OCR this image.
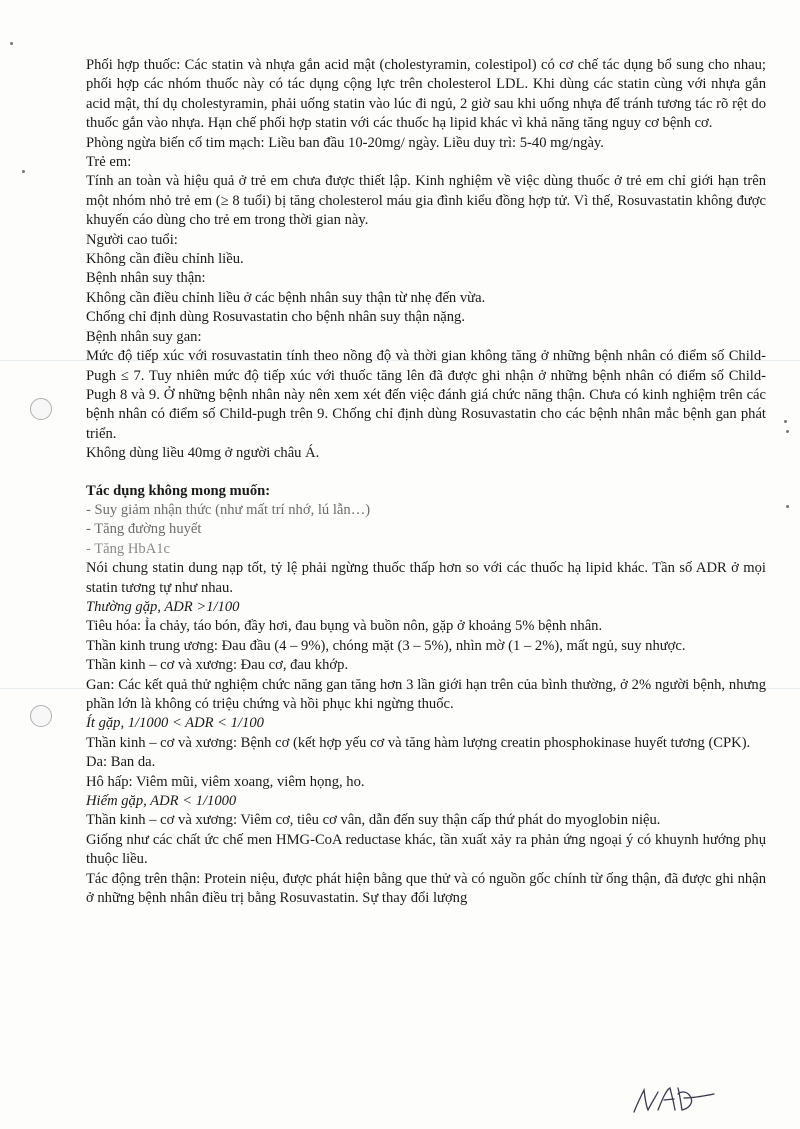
Phối hợp thuốc: Các statin và nhựa gắn acid mật (cholestyramin, colestipol) có cơ chế tác dụng bổ sung cho nhau; phối hợp các nhóm thuốc này có tác dụng cộng lực trên cholesterol LDL. Khi dùng các statin cùng với nhựa gắn acid mật, thí dụ cholestyramin, phải uống statin vào lúc đi ngủ, 2 giờ sau khi uống nhựa để tránh tương tác rõ rệt do thuốc gắn vào nhựa. Hạn chế phối hợp statin với các thuốc hạ lipid khác vì khả năng tăng nguy cơ bệnh cơ.

Phòng ngừa biến cố tim mạch: Liều ban đầu 10-20mg/ ngày. Liều duy trì: 5-40 mg/ngày.

Trẻ em:

Tính an toàn và hiệu quả ở trẻ em chưa được thiết lập. Kinh nghiệm về việc dùng thuốc ở trẻ em chỉ giới hạn trên một nhóm nhỏ trẻ em (≥ 8 tuổi) bị tăng cholesterol máu gia đình kiểu đồng hợp tử. Vì thế, Rosuvastatin không được khuyến cáo dùng cho trẻ em trong thời gian này.

Người cao tuổi:

Không cần điều chỉnh liều.

Bệnh nhân suy thận:

Không cần điều chỉnh liều ở các bệnh nhân suy thận từ nhẹ đến vừa.

Chống chỉ định dùng Rosuvastatin cho bệnh nhân suy thận nặng.

Bệnh nhân suy gan:

Mức độ tiếp xúc với rosuvastatin tính theo nồng độ và thời gian không tăng ở những bệnh nhân có điểm số Child-Pugh ≤ 7. Tuy nhiên mức độ tiếp xúc với thuốc tăng lên đã được ghi nhận ở những bệnh nhân có điểm số Child-Pugh 8 và 9. Ở những bệnh nhân này nên xem xét đến việc đánh giá chức năng thận. Chưa có kinh nghiệm trên các bệnh nhân có điểm số Child-pugh trên 9. Chống chỉ định dùng Rosuvastatin cho các bệnh nhân mắc bệnh gan phát triển.

Không dùng liều 40mg ở người châu Á.

Tác dụng không mong muốn:

- Suy giảm nhận thức (như mất trí nhớ, lú lẫn…)

- Tăng đường huyết

- Tăng HbA1c

Nói chung statin dung nạp tốt, tỷ lệ phải ngừng thuốc thấp hơn so với các thuốc hạ lipid khác. Tần số ADR ở mọi statin tương tự như nhau.

Thường gặp, ADR >1/100

Tiêu hóa: Ỉa chảy, táo bón, đầy hơi, đau bụng và buồn nôn, gặp ở khoảng 5% bệnh nhân.

Thần kinh trung ương: Đau đầu (4 – 9%), chóng mặt (3 – 5%), nhìn mờ (1 – 2%), mất ngủ, suy nhược.

Thần kinh – cơ và xương: Đau cơ, đau khớp.

Gan: Các kết quả thử nghiệm chức năng gan tăng hơn 3 lần giới hạn trên của bình thường, ở 2% người bệnh, nhưng phần lớn là không có triệu chứng và hồi phục khi ngừng thuốc.

Ít gặp, 1/1000 < ADR < 1/100

Thần kinh – cơ và xương: Bệnh cơ (kết hợp yếu cơ và tăng hàm lượng creatin phosphokinase huyết tương (CPK).

Da: Ban da.

Hô hấp: Viêm mũi, viêm xoang, viêm họng, ho.

Hiếm gặp, ADR < 1/1000

Thần kinh – cơ và xương: Viêm cơ, tiêu cơ vân, dẫn đến suy thận cấp thứ phát do myoglobin niệu.

Giống như các chất ức chế men HMG-CoA reductase khác, tần xuất xảy ra phản ứng ngoại ý có khuynh hướng phụ thuộc liều.

Tác động trên thận: Protein niệu, được phát hiện bằng que thử và có nguồn gốc chính từ ống thận, đã được ghi nhận ở những bệnh nhân điều trị bằng Rosuvastatin. Sự thay đổi lượng
